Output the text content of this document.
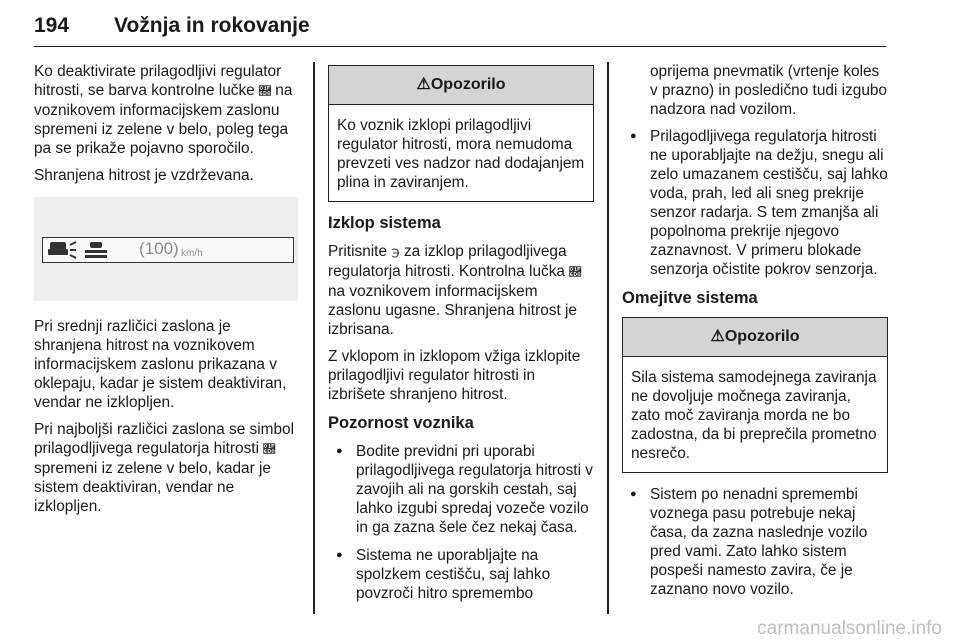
194 Vožnja in rokovanje

Ko deaktivirate prilagodljivi regulator hitrosti, se barva kontrolne lučke 🛘 na voznikovem informacijskem zaslonu spremeni iz zelene v belo, poleg tega pa se prikaže pojavno sporočilo.

Shranjena hitrost je vzdrževana.

(100) km/h

Pri srednji različici zaslona je shranjena hitrost na voznikovem informacijskem zaslonu prikazana v oklepaju, kadar je sistem deaktiviran, vendar ne izklopljen.

Pri najboljši različici zaslona se simbol prilagodljivega regulatorja hitrosti 🛘 spremeni iz zelene v belo, kadar je sistem deaktiviran, vendar ne izklopljen.

⚠Opozorilo
Ko voznik izklopi prilagodljivi regulator hitrosti, mora nemudoma prevzeti ves nadzor nad dodajanjem plina in zaviranjem.
Izklop sistema

Pritisnite ℈ za izklop prilagodljivega regulatorja hitrosti. Kontrolna lučka 🛘 na voznikovem informacijskem zaslonu ugasne. Shranjena hitrost je izbrisana.

Z vklopom in izklopom vžiga izklopite prilagodljivi regulator hitrosti in izbrišete shranjeno hitrost.

Pozornost voznika
● Bodite previdni pri uporabi prilagodljivega regulatorja hitrosti v zavojih ali na gorskih cestah, saj lahko izgubi spredaj vozeče vozilo in ga zazna šele čez nekaj časa.
● Sistema ne uporabljajte na spolzkem cestišču, saj lahko povzroči hitro spremembo

oprijema pnevmatik (vrtenje koles v prazno) in posledično tudi izgubo nadzora nad vozilom.

● Prilagodljivega regulatorja hitrosti ne uporabljajte na dežju, snegu ali zelo umazanem cestišču, saj lahko voda, prah, led ali sneg prekrije senzor radarja. S tem zmanjša ali popolnoma prekrije njegovo zaznavnost. V primeru blokade senzorja očistite pokrov senzorja.
Omejitve sistema
⚠Opozorilo
Sila sistema samodejnega zaviranja ne dovoljuje močnega zaviranja, zato moč zaviranja morda ne bo zadostna, da bi preprečila prometno nesrečo.
● Sistem po nenadni spremembi voznega pasu potrebuje nekaj časa, da zazna naslednje vozilo pred vami. Zato lahko sistem pospeši namesto zavira, če je zaznano novo vozilo.
carmanualsonline.info
